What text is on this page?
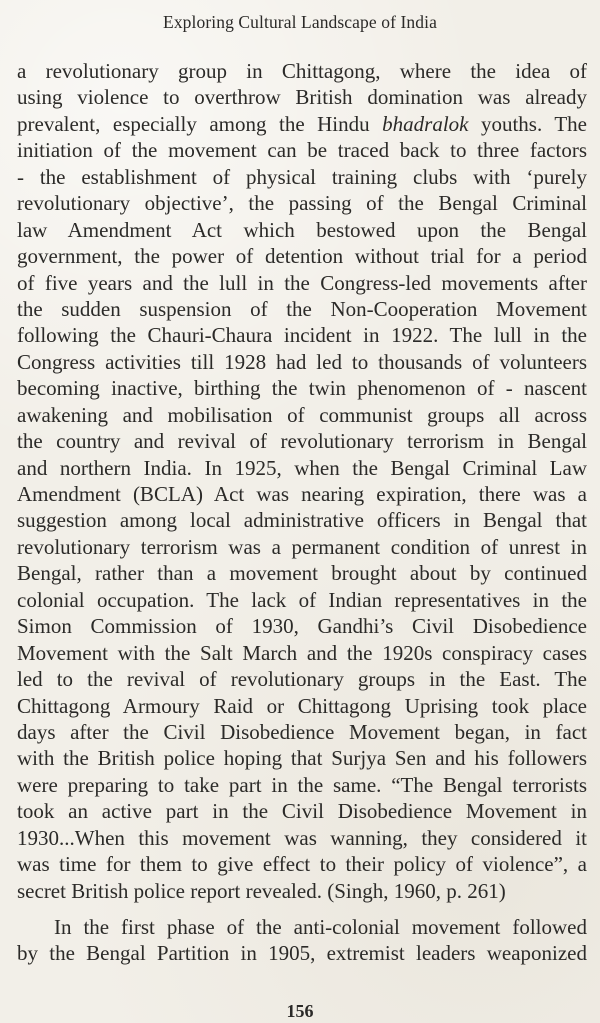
Exploring Cultural Landscape of India
a revolutionary group in Chittagong, where the idea of
using violence to overthrow British domination was already
prevalent, especially among the Hindu bhadralok youths. The
initiation of the movement can be traced back to three factors
- the establishment of physical training clubs with ‘purely
revolutionary objective’, the passing of the Bengal Criminal
law Amendment Act which bestowed upon the Bengal
government, the power of detention without trial for a period
of five years and the lull in the Congress-led movements after
the sudden suspension of the Non-Cooperation Movement
following the Chauri-Chaura incident in 1922. The lull in the
Congress activities till 1928 had led to thousands of volunteers
becoming inactive, birthing the twin phenomenon of - nascent
awakening and mobilisation of communist groups all across
the country and revival of revolutionary terrorism in Bengal
and northern India. In 1925, when the Bengal Criminal Law
Amendment (BCLA) Act was nearing expiration, there was a
suggestion among local administrative officers in Bengal that
revolutionary terrorism was a permanent condition of unrest in
Bengal, rather than a movement brought about by continued
colonial occupation. The lack of Indian representatives in the
Simon Commission of 1930, Gandhi’s Civil Disobedience
Movement with the Salt March and the 1920s conspiracy cases
led to the revival of revolutionary groups in the East. The
Chittagong Armoury Raid or Chittagong Uprising took place
days after the Civil Disobedience Movement began, in fact
with the British police hoping that Surjya Sen and his followers
were preparing to take part in the same. “The Bengal terrorists
took an active part in the Civil Disobedience Movement in
1930...When this movement was wanning, they considered it
was time for them to give effect to their policy of violence”, a
secret British police report revealed. (Singh, 1960, p. 261)
In the first phase of the anti-colonial movement followed
by the Bengal Partition in 1905, extremist leaders weaponized
156
